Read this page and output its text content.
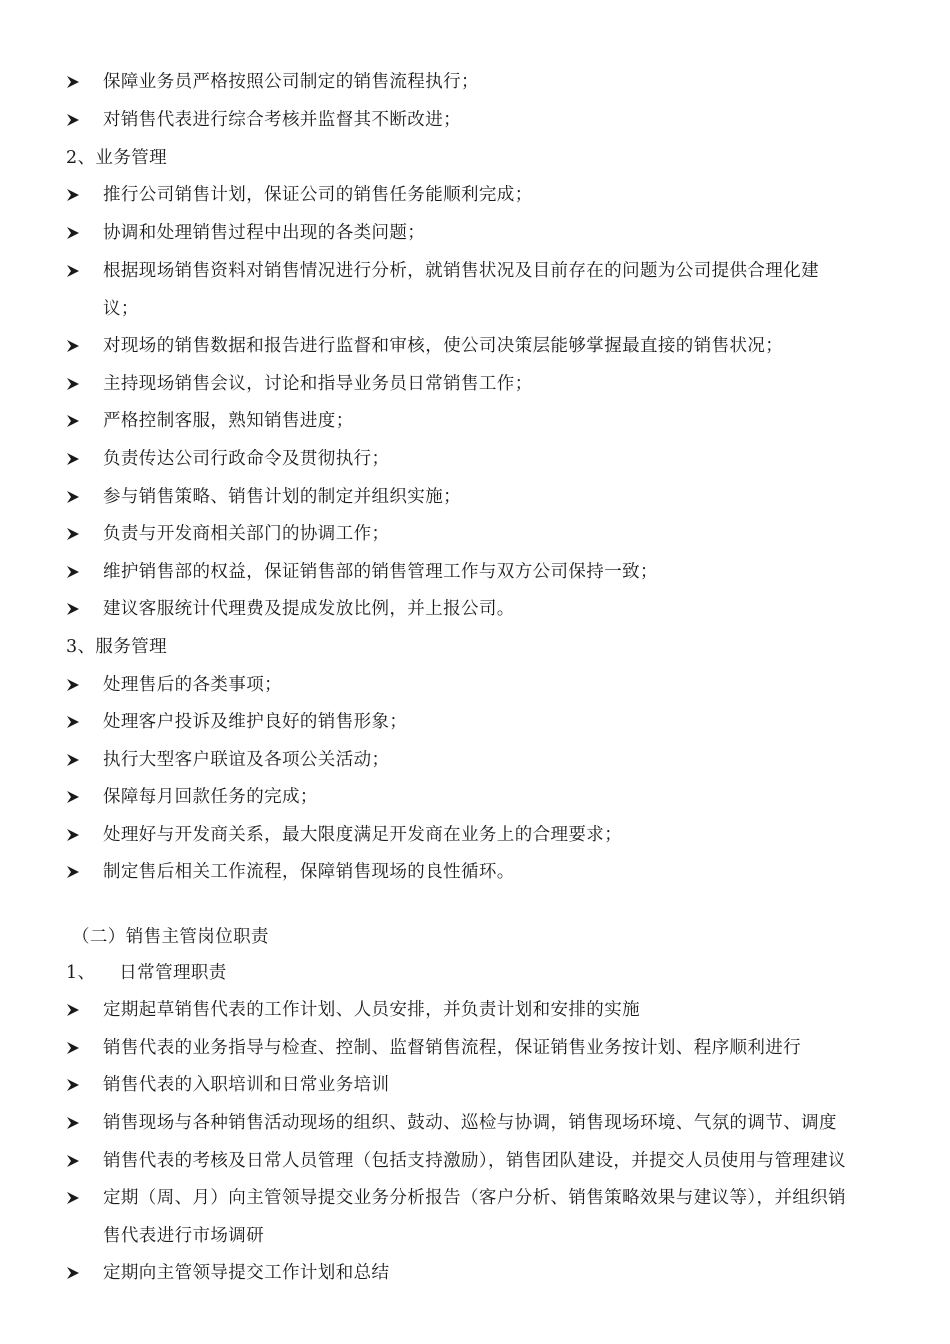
保障业务员严格按照公司制定的销售流程执行；
对销售代表进行综合考核并监督其不断改进；
2、业务管理
推行公司销售计划，保证公司的销售任务能顺利完成；
协调和处理销售过程中出现的各类问题；
根据现场销售资料对销售情况进行分析，就销售状况及目前存在的问题为公司提供合理化建
议；
对现场的销售数据和报告进行监督和审核，使公司决策层能够掌握最直接的销售状况；
主持现场销售会议，讨论和指导业务员日常销售工作；
严格控制客服，熟知销售进度；
负责传达公司行政命令及贯彻执行；
参与销售策略、销售计划的制定并组织实施；
负责与开发商相关部门的协调工作；
维护销售部的权益，保证销售部的销售管理工作与双方公司保持一致；
建议客服统计代理费及提成发放比例，并上报公司。
3、服务管理
处理售后的各类事项；
处理客户投诉及维护良好的销售形象；
执行大型客户联谊及各项公关活动；
保障每月回款任务的完成；
处理好与开发商关系，最大限度满足开发商在业务上的合理要求；
制定售后相关工作流程，保障销售现场的良性循环。
（二）销售主管岗位职责
1、    日常管理职责
定期起草销售代表的工作计划、人员安排，并负责计划和安排的实施
销售代表的业务指导与检查、控制、监督销售流程，保证销售业务按计划、程序顺利进行
销售代表的入职培训和日常业务培训
销售现场与各种销售活动现场的组织、鼓动、巡检与协调，销售现场环境、气氛的调节、调度
销售代表的考核及日常人员管理（包括支持激励），销售团队建设，并提交人员使用与管理建议
定期（周、月）向主管领导提交业务分析报告（客户分析、销售策略效果与建议等），并组织销
售代表进行市场调研
定期向主管领导提交工作计划和总结
